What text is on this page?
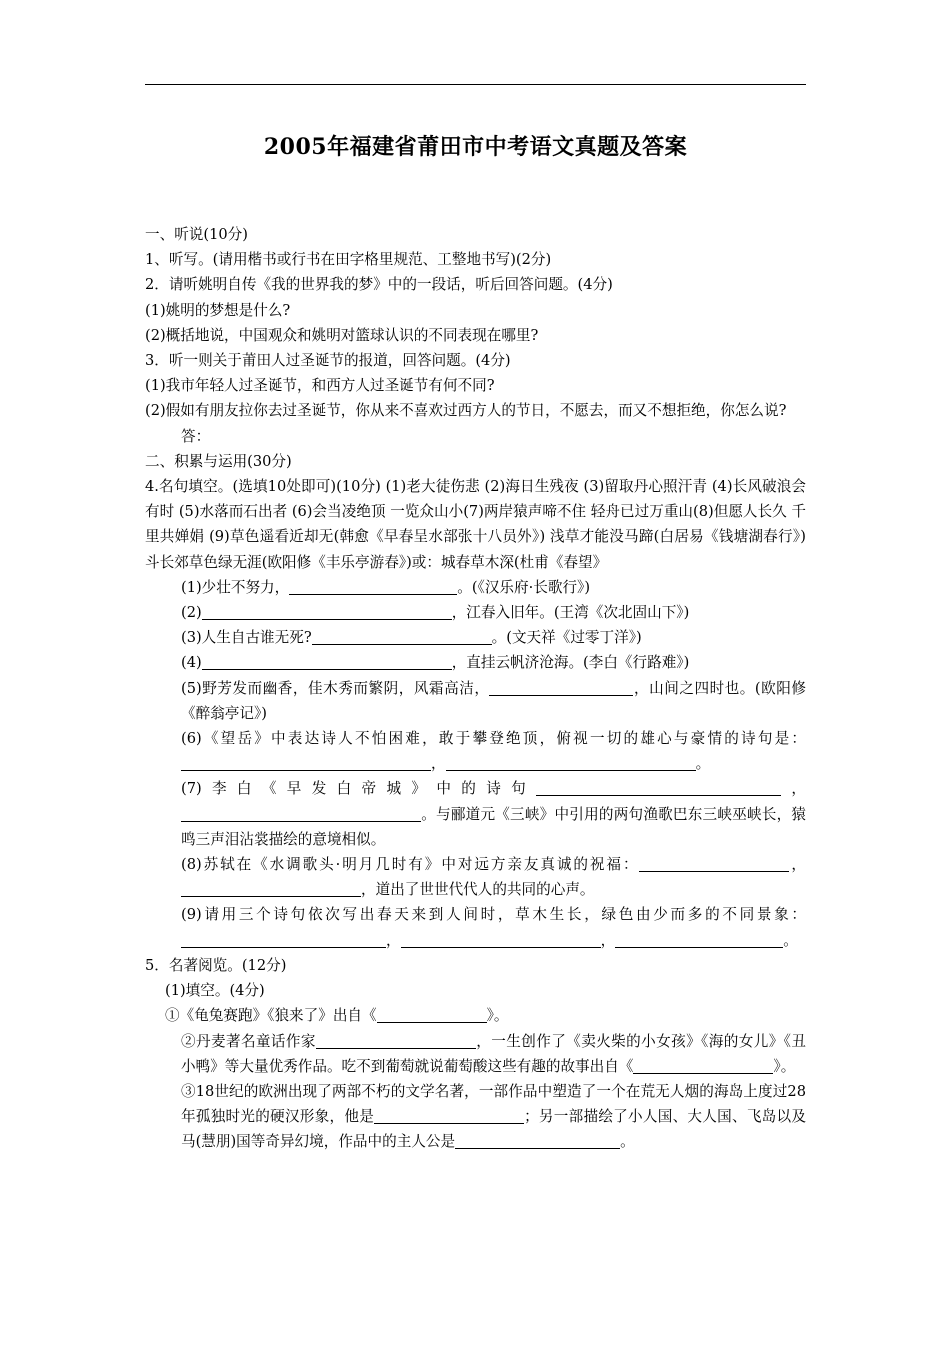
2005年福建省莆田市中考语文真题及答案

一、听说(10分)

1、听写。(请用楷书或行书在田字格里规范、工整地书写)(2分)

2．请听姚明自传《我的世界我的梦》中的一段话，听后回答问题。(4分)

(1)姚明的梦想是什么?

(2)概括地说，中国观众和姚明对篮球认识的不同表现在哪里?

3．听一则关于莆田人过圣诞节的报道，回答问题。(4分)

(1)我市年轻人过圣诞节，和西方人过圣诞节有何不同?

(2)假如有朋友拉你去过圣诞节，你从来不喜欢过西方人的节日，不愿去，而又不想拒绝，你怎么说?

答：

二、积累与运用(30分)

4.名句填空。(选填10处即可)(10分) (1)老大徒伤悲 (2)海日生残夜 (3)留取丹心照汗青 (4)长风破浪会有时 (5)水落而石出者 (6)会当凌绝顶 一览众山小(7)两岸猿声啼不住 轻舟已过万重山(8)但愿人长久 千里共婵娟 (9)草色遥看近却无(韩愈《早春呈水部张十八员外》) 浅草才能没马蹄(白居易《钱塘湖春行》)斗长郊草色绿无涯(欧阳修《丰乐亭游春》)或：城春草木深(杜甫《春望》

(1)少壮不努力，	。(《汉乐府·长歌行》)

(2)	，江春入旧年。(王湾《次北固山下》)

(3)人生自古谁无死?	。(文天祥《过零丁洋》)

(4)	，直挂云帆济沧海。(李白《行路难》)

(5)野芳发而幽香，佳木秀而繁阴，风霜高洁，	，山间之四时也。(欧阳修《醉翁亭记》)

(6)《望岳》中表达诗人不怕困难，敢于攀登绝顶，俯视一切的雄心与豪情的诗句是：，	。

(7)李白《早发白帝城》中的诗句	，。与郦道元《三峡》中引用的两句渔歌巴东三峡巫峡长，猿鸣三声泪沾裳描绘的意境相似。

(8)苏轼在《水调歌头·明月几时有》中对远方亲友真诚的祝福：	，，道出了世世代代人的共同的心声。

(9)请用三个诗句依次写出春天来到人间时，草木生长，绿色由少而多的不同景象：，	，	。

5．名著阅览。(12分)

(1)填空。(4分)

①《龟兔赛跑》《狼来了》出自《	》。

②丹麦著名童话作家	，一生创作了《卖火柴的小女孩》《海的女儿》《丑小鸭》等大量优秀作品。吃不到葡萄就说葡萄酸这些有趣的故事出自《	》。

③18世纪的欧洲出现了两部不朽的文学名著，一部作品中塑造了一个在荒无人烟的海岛上度过28年孤独时光的硬汉形象，他是	；另一部描绘了小人国、大人国、飞岛以及马(慧朋)国等奇异幻境，作品中的主人公是	。
